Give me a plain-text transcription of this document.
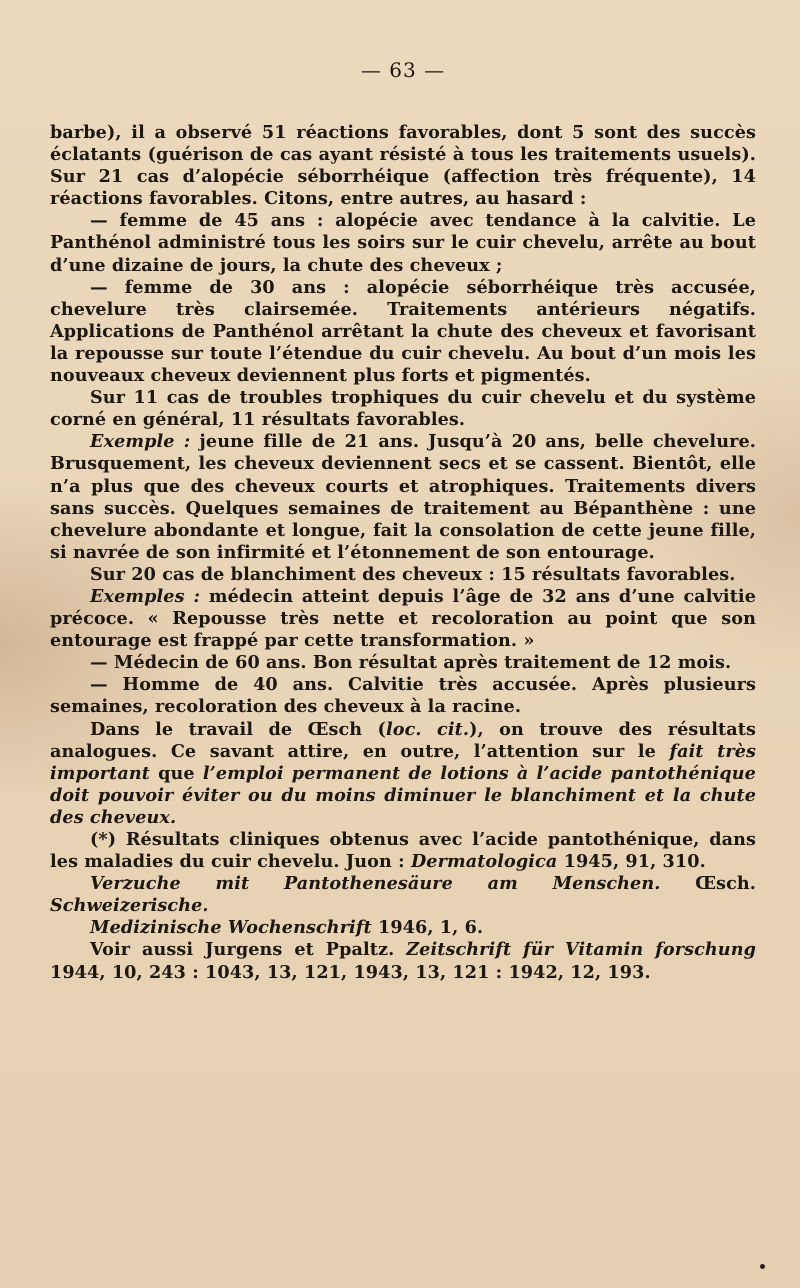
— 63 —

barbe), il a observé 51 réactions favorables, dont 5 sont des succès éclatants (guérison de cas ayant résisté à tous les traitements usuels). Sur 21 cas d’alopécie séborrhéique (affection très fréquente), 14 réactions favorables. Citons, entre autres, au hasard :

— femme de 45 ans : alopécie avec tendance à la calvitie. Le Panthénol administré tous les soirs sur le cuir chevelu, arrête au bout d’une dizaine de jours, la chute des cheveux ;

— femme de 30 ans : alopécie séborrhéique très accusée, chevelure très clairsemée. Traitements antérieurs négatifs. Applications de Panthénol arrêtant la chute des cheveux et favorisant la repousse sur toute l’étendue du cuir chevelu. Au bout d’un mois les nouveaux cheveux deviennent plus forts et pigmentés.

Sur 11 cas de troubles trophiques du cuir chevelu et du système corné en général, 11 résultats favorables.

Exemple : jeune fille de 21 ans. Jusqu’à 20 ans, belle chevelure. Brusquement, les cheveux deviennent secs et se cassent. Bientôt, elle n’a plus que des cheveux courts et atrophiques. Traitements divers sans succès. Quelques semaines de traitement au Bépanthène : une chevelure abondante et longue, fait la consolation de cette jeune fille, si navrée de son infirmité et l’étonnement de son entourage.

Sur 20 cas de blanchiment des cheveux : 15 résultats favorables.

Exemples : médecin atteint depuis l’âge de 32 ans d’une calvitie précoce. « Repousse très nette et recoloration au point que son entourage est frappé par cette transformation. »

— Médecin de 60 ans. Bon résultat après traitement de 12 mois.

— Homme de 40 ans. Calvitie très accusée. Après plusieurs semaines, recoloration des cheveux à la racine.

Dans le travail de Œsch (loc. cit.), on trouve des résultats analogues. Ce savant attire, en outre, l’attention sur le fait très important que l’emploi permanent de lotions à l’acide pantothénique doit pouvoir éviter ou du moins diminuer le blanchiment et la chute des cheveux.

(*) Résultats cliniques obtenus avec l’acide pantothénique, dans les maladies du cuir chevelu. Juon : Dermatologica 1945, 91, 310.

Verzuche mit Pantothenesäure am Menschen. Œsch. Schweizerische.

Medizinische Wochenschrift 1946, 1, 6.

Voir aussi Jurgens et Ppaltz. Zeitschrift für Vitamin forschung 1944, 10, 243 : 1043, 13, 121, 1943, 13, 121 : 1942, 12, 193.
